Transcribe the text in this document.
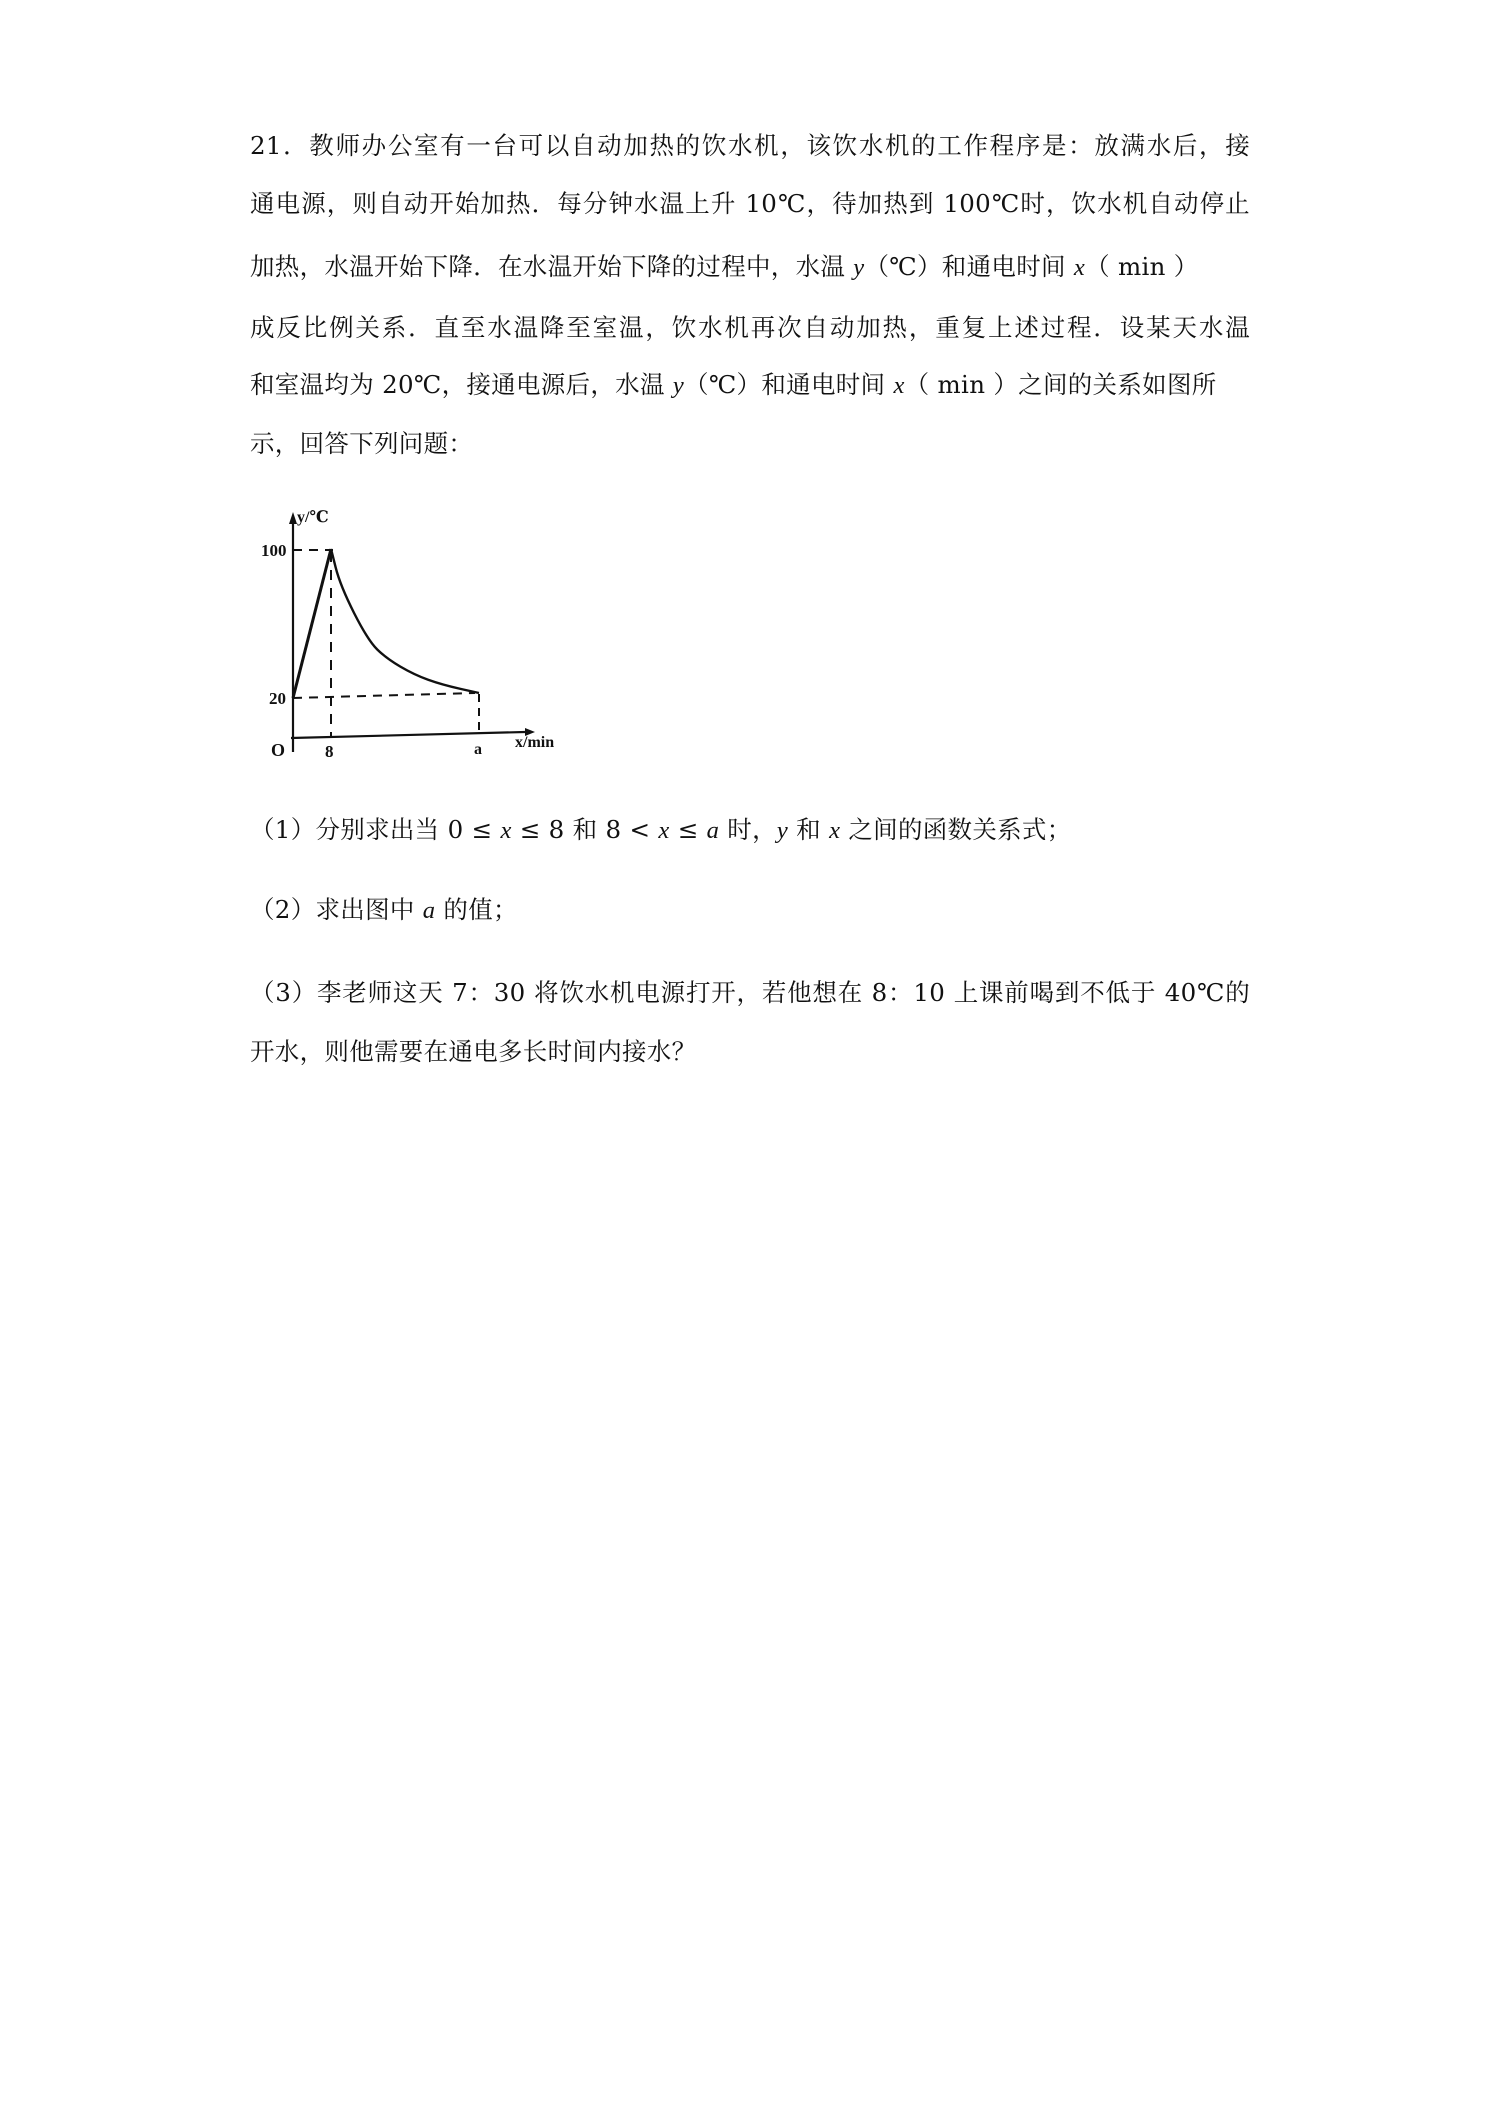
21．教师办公室有一台可以自动加热的饮水机，该饮水机的工作程序是：放满水后，接
通电源，则自动开始加热．每分钟水温上升 10℃，待加热到 100℃时，饮水机自动停止
加热，水温开始下降．在水温开始下降的过程中，水温 y（℃）和通电时间 x（ min ）
成反比例关系．直至水温降至室温，饮水机再次自动加热，重复上述过程．设某天水温
和室温均为 20℃，接通电源后，水温 y（℃）和通电时间 x（ min ）之间的关系如图所
示，回答下列问题：
y/℃
x/min
100
20
O 8	a
（1）分别求出当 0 ≤ x ≤ 8 和 8 < x ≤ a 时，y 和 x 之间的函数关系式；
（2）求出图中 a 的值；
（3）李老师这天 7：30 将饮水机电源打开，若他想在 8：10 上课前喝到不低于 40℃的
开水，则他需要在通电多长时间内接水？
